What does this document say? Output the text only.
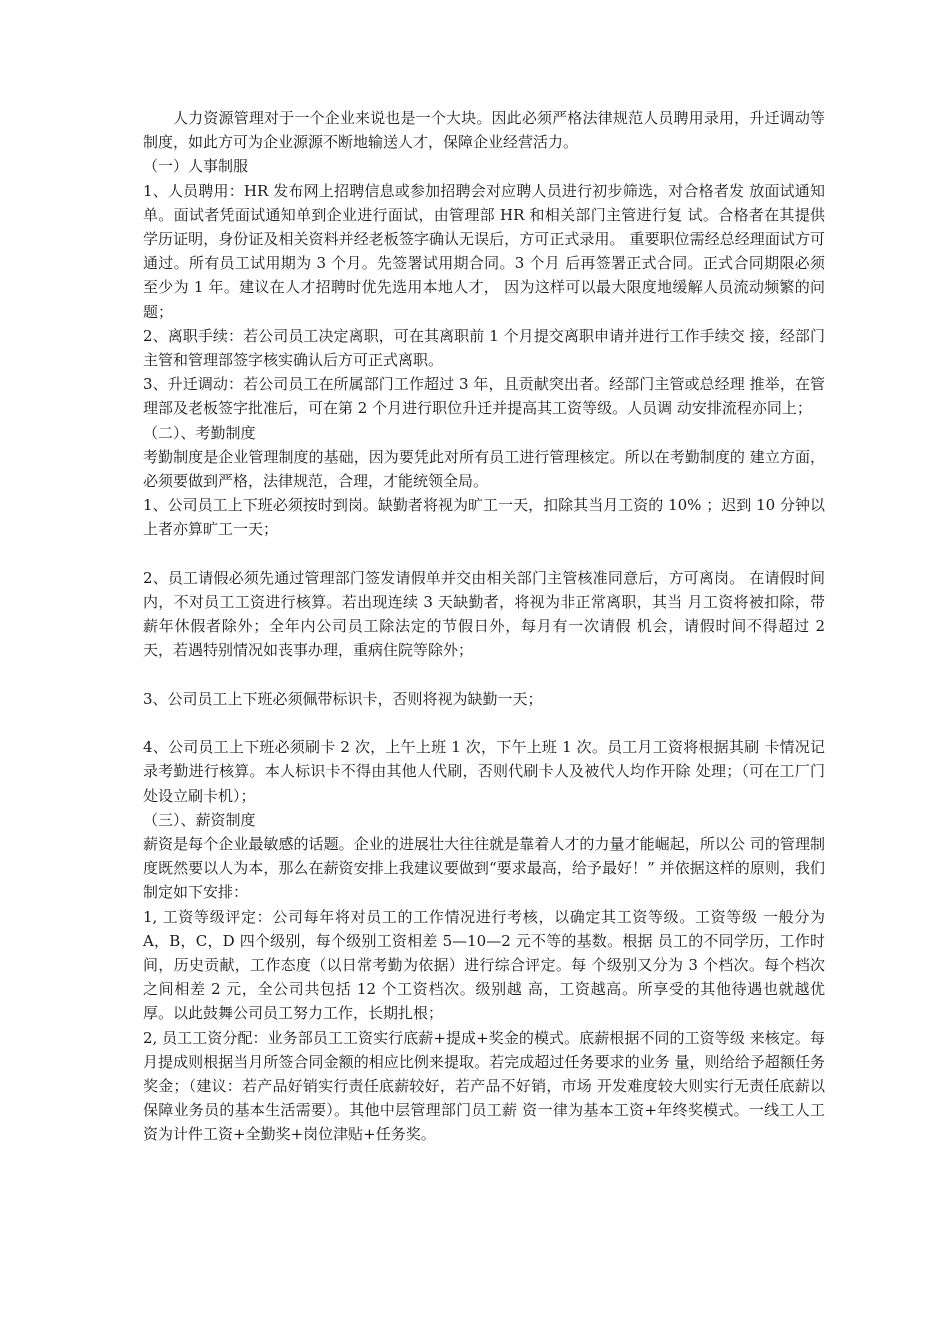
人力资源管理对于一个企业来说也是一个大块。因此必须严格法律规范人员聘用录用，升迁调动等制度，如此方可为企业源源不断地输送人才，保障企业经营活力。

（一）人事制服

1、人员聘用：HR 发布网上招聘信息或参加招聘会对应聘人员进行初步筛选，对合格者发 放面试通知单。面试者凭面试通知单到企业进行面试，由管理部 HR 和相关部门主管进行复 试。合格者在其提供学历证明，身份证及相关资料并经老板签字确认无误后，方可正式录用。 重要职位需经总经理面试方可通过。所有员工试用期为 3 个月。先签署试用期合同。3 个月 后再签署正式合同。正式合同期限必须至少为 1 年。建议在人才招聘时优先选用本地人才， 因为这样可以最大限度地缓解人员流动频繁的问题；

2、离职手续：若公司员工决定离职，可在其离职前 1 个月提交离职申请并进行工作手续交 接，经部门主管和管理部签字核实确认后方可正式离职。

3、升迁调动：若公司员工在所属部门工作超过 3 年，且贡献突出者。经部门主管或总经理 推举，在管理部及老板签字批准后，可在第 2 个月进行职位升迁并提高其工资等级。人员调 动安排流程亦同上；

（二）、考勤制度

考勤制度是企业管理制度的基础，因为要凭此对所有员工进行管理核定。所以在考勤制度的 建立方面，必须要做到严格，法律规范，合理，才能统领全局。

1、公司员工上下班必须按时到岗。缺勤者将视为旷工一天，扣除其当月工资的 10% ；迟到 10 分钟以上者亦算旷工一天；

2、员工请假必须先通过管理部门签发请假单并交由相关部门主管核准同意后，方可离岗。 在请假时间内，不对员工工资进行核算。若出现连续 3 天缺勤者，将视为非正常离职，其当 月工资将被扣除，带薪年休假者除外；全年内公司员工除法定的节假日外，每月有一次请假 机会，请假时间不得超过 2 天，若遇特别情况如丧事办理，重病住院等除外；

3、公司员工上下班必须佩带标识卡，否则将视为缺勤一天；

4、公司员工上下班必须刷卡 2 次，上午上班 1 次，下午上班 1 次。员工月工资将根据其刷 卡情况记录考勤进行核算。本人标识卡不得由其他人代刷，否则代刷卡人及被代人均作开除 处理；（可在工厂门处设立刷卡机）；

（三）、薪资制度

薪资是每个企业最敏感的话题。企业的进展壮大往往就是靠着人才的力量才能崛起，所以公 司的管理制度既然要以人为本，那么在薪资安排上我建议要做到“要求最高，给予最好！” 并依据这样的原则，我们制定如下安排：

1, 工资等级评定：公司每年将对员工的工作情况进行考核，以确定其工资等级。工资等级 一般分为 A，B，C，D 四个级别，每个级别工资相差 5—10—2 元不等的基数。根据 员工的不同学历，工作时间，历史贡献，工作态度（以日常考勤为依据）进行综合评定。每 个级别又分为 3 个档次。每个档次之间相差 2 元，全公司共包括 12 个工资档次。级别越 高，工资越高。所享受的其他待遇也就越优厚。以此鼓舞公司员工努力工作，长期扎根；

2, 员工工资分配：业务部员工工资实行底薪+提成+奖金的模式。底薪根据不同的工资等级 来核定。每月提成则根据当月所签合同金额的相应比例来提取。若完成超过任务要求的业务 量，则给给予超额任务奖金；（建议：若产品好销实行责任底薪较好，若产品不好销，市场 开发难度较大则实行无责任底薪以保障业务员的基本生活需要）。其他中层管理部门员工薪 资一律为基本工资+年终奖模式。一线工人工资为计件工资+全勤奖+岗位津贴+任务奖。
